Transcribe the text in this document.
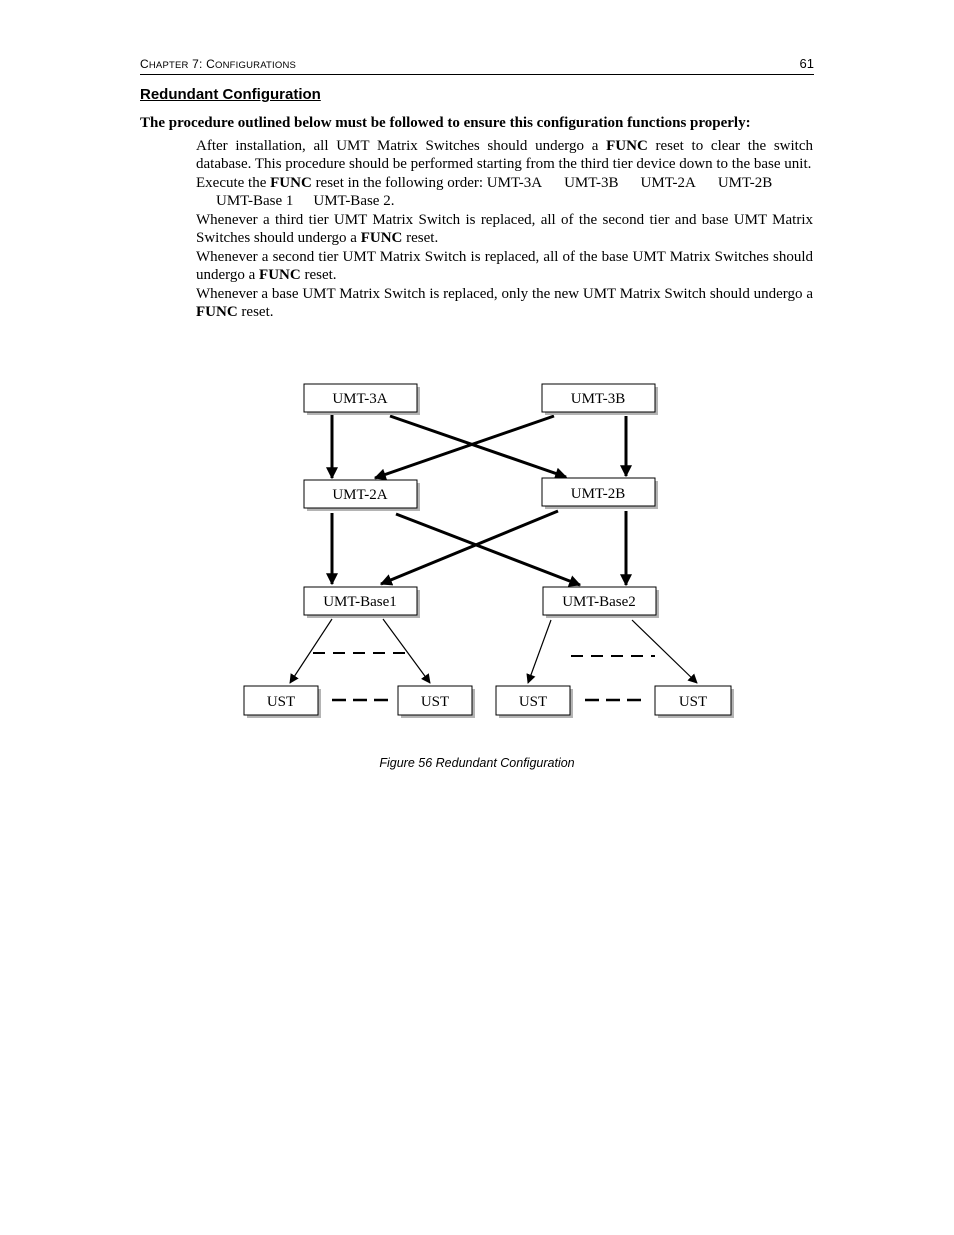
CHAPTER 7: CONFIGURATIONS	61
Redundant Configuration
The procedure outlined below must be followed to ensure this configuration functions properly:

After installation, all UMT Matrix Switches should undergo a FUNC reset to clear the switch database. This procedure should be performed starting from the third tier device down to the base unit.

Execute the FUNC reset in the following order: UMT-3A UMT-3B UMT-2A UMT-2B
UMT-Base 1 UMT-Base 2.

Whenever a third tier UMT Matrix Switch is replaced, all of the second tier and base UMT Matrix Switches should undergo a FUNC reset.

Whenever a second tier UMT Matrix Switch is replaced, all of the base UMT Matrix Switches should undergo a FUNC reset.

Whenever a base UMT Matrix Switch is replaced, only the new UMT Matrix Switch should undergo a FUNC reset.

UMT-3A	UMT-3B
UMT-2A	UMT-2B
UMT-Base1	UMT-Base2
UST	UST	UST	UST
Figure 56 Redundant Configuration
